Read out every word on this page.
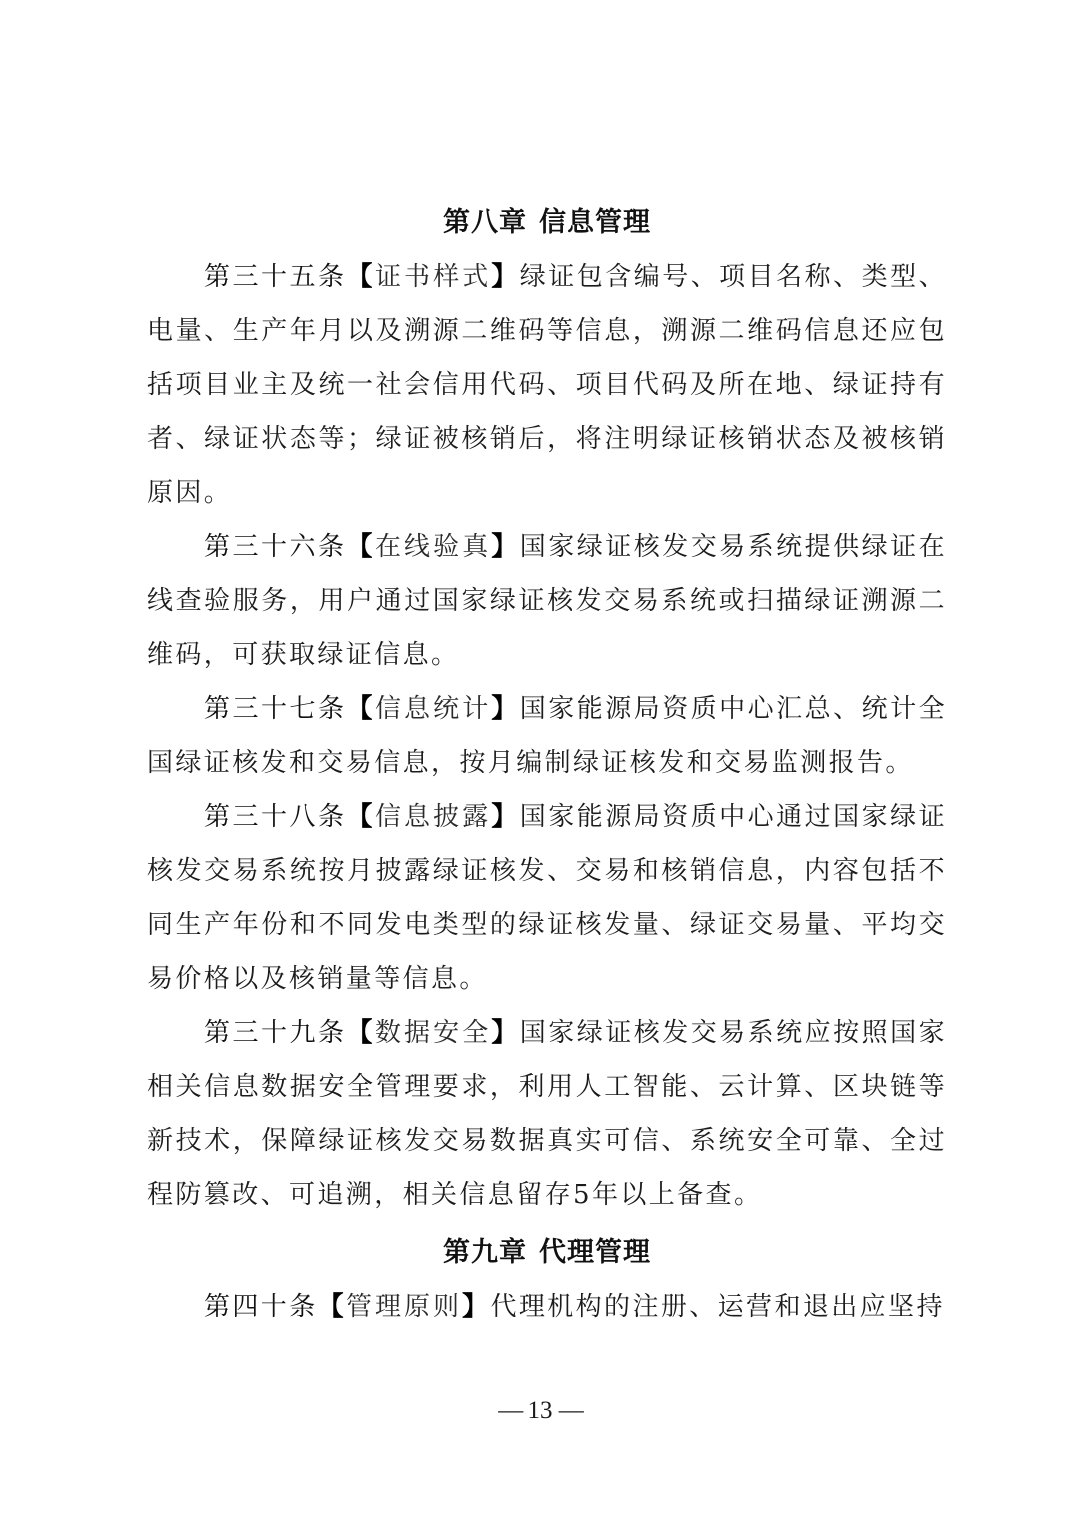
第八章 信息管理

第三十五条【证书样式】绿证包含编号、项目名称、类型、电量、生产年月以及溯源二维码等信息，溯源二维码信息还应包括项目业主及统一社会信用代码、项目代码及所在地、绿证持有者、绿证状态等；绿证被核销后，将注明绿证核销状态及被核销原因。

第三十六条【在线验真】国家绿证核发交易系统提供绿证在线查验服务，用户通过国家绿证核发交易系统或扫描绿证溯源二维码，可获取绿证信息。

第三十七条【信息统计】国家能源局资质中心汇总、统计全国绿证核发和交易信息，按月编制绿证核发和交易监测报告。

第三十八条【信息披露】国家能源局资质中心通过国家绿证核发交易系统按月披露绿证核发、交易和核销信息，内容包括不同生产年份和不同发电类型的绿证核发量、绿证交易量、平均交易价格以及核销量等信息。

第三十九条【数据安全】国家绿证核发交易系统应按照国家相关信息数据安全管理要求，利用人工智能、云计算、区块链等新技术，保障绿证核发交易数据真实可信、系统安全可靠、全过程防篡改、可追溯，相关信息留存5年以上备查。

第九章 代理管理

第四十条【管理原则】代理机构的注册、运营和退出应坚持

— 13 —
